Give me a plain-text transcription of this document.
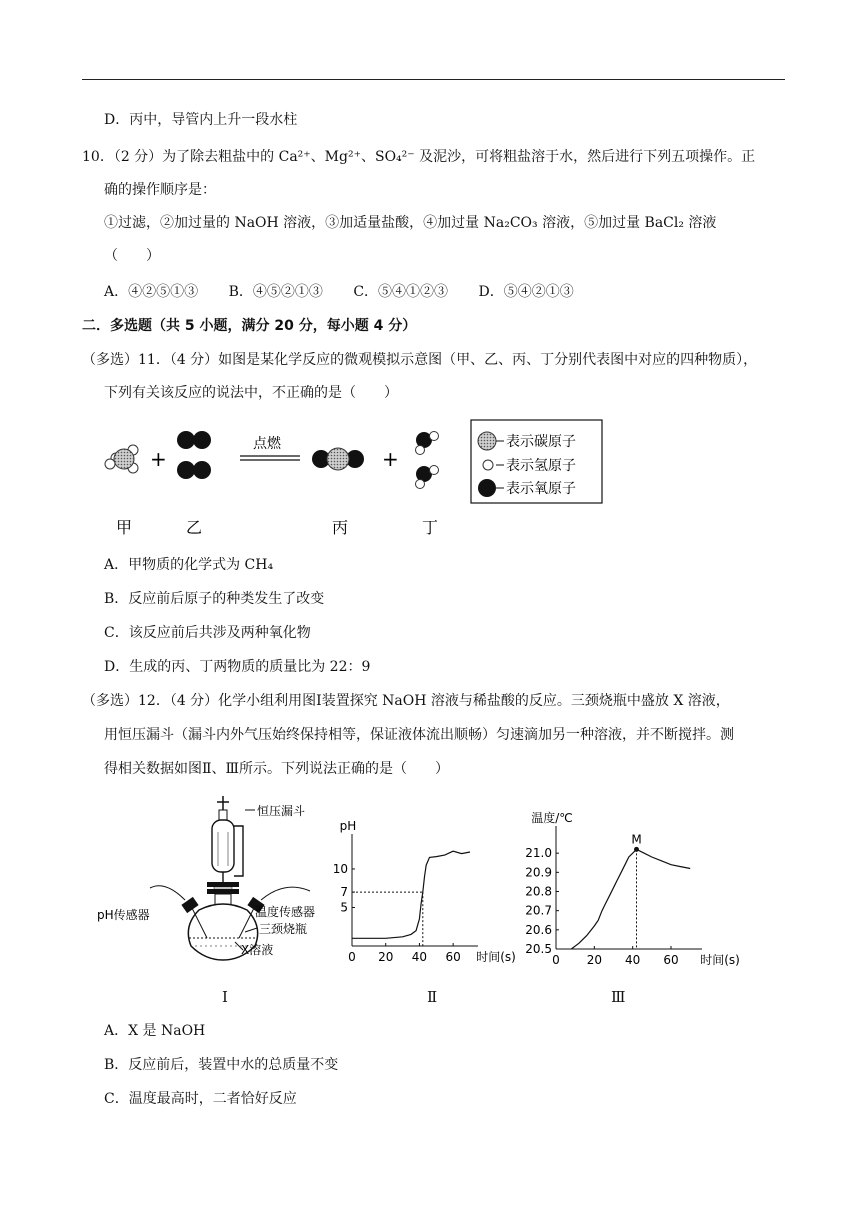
D．丙中，导管内上升一段水柱
10．（2 分）为了除去粗盐中的 Ca²⁺、Mg²⁺、SO₄²⁻ 及泥沙，可将粗盐溶于水，然后进行下列五项操作。正
确的操作顺序是：
①过滤，②加过量的 NaOH 溶液，③加适量盐酸，④加过量 Na₂CO₃ 溶液，⑤加过量 BaCl₂ 溶液
（　　）
A．④②⑤①③ B．④⑤②①③ C．⑤④①②③ D．⑤④②①③
二．多选题（共 5 小题，满分 20 分，每小题 4 分）
（多选）11．（4 分）如图是某化学反应的微观模拟示意图（甲、乙、丙、丁分别代表图中对应的四种物质），
下列有关该反应的说法中，不正确的是（　　）
+
点燃
+
表示碳原子
表示氢原子
表示氧原子
甲	乙	丙	丁
A．甲物质的化学式为 CH₄
B．反应前后原子的种类发生了改变
C．该反应前后共涉及两种氧化物
D．生成的丙、丁两物质的质量比为 22：9
（多选）12．（4 分）化学小组利用图Ⅰ装置探究 NaOH 溶液与稀盐酸的反应。三颈烧瓶中盛放 X 溶液，
用恒压漏斗（漏斗内外气压始终保持相等，保证液体流出顺畅）匀速滴加另一种溶液，并不断搅拌。测
得相关数据如图Ⅱ、Ⅲ所示。下列说法正确的是（　　）
恒压漏斗
pH传感器	温度传感器
三颈烧瓶
X溶液	0 20 40 60
5
7
10
pH
时间(s)	0 20 40 60
20.5
20.6
20.7
20.8
20.9
21.0
温度/℃
时间(s)
M
Ⅰ	Ⅱ	Ⅲ
A．X 是 NaOH
B．反应前后，装置中水的总质量不变
C．温度最高时，二者恰好反应
